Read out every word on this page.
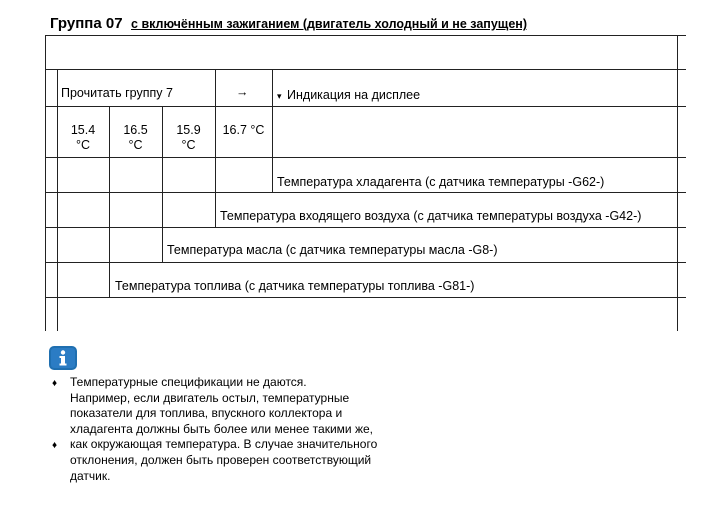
Группа 07 с включённым зажиганием (двигатель холодный и не запущен)
Прочитать группу 7	→	▾ Индикация на дисплее
15.4
°C
16.5
°C
15.9
°C
16.7 °C
Температура хладагента (с датчика температуры -G62-)
Температура входящего воздуха (с датчика температуры воздуха -G42-)
Температура масла (с датчика температуры масла -G8-)
Температура топлива (с датчика температуры топлива -G81-)
♦
♦
Температурные спецификации не даются.
Например, если двигатель остыл, температурные
показатели для топлива, впускного коллектора и
хладагента должны быть более или менее такими же,
как окружающая температура. В случае значительного
отклонения, должен быть проверен соответствующий
датчик.
